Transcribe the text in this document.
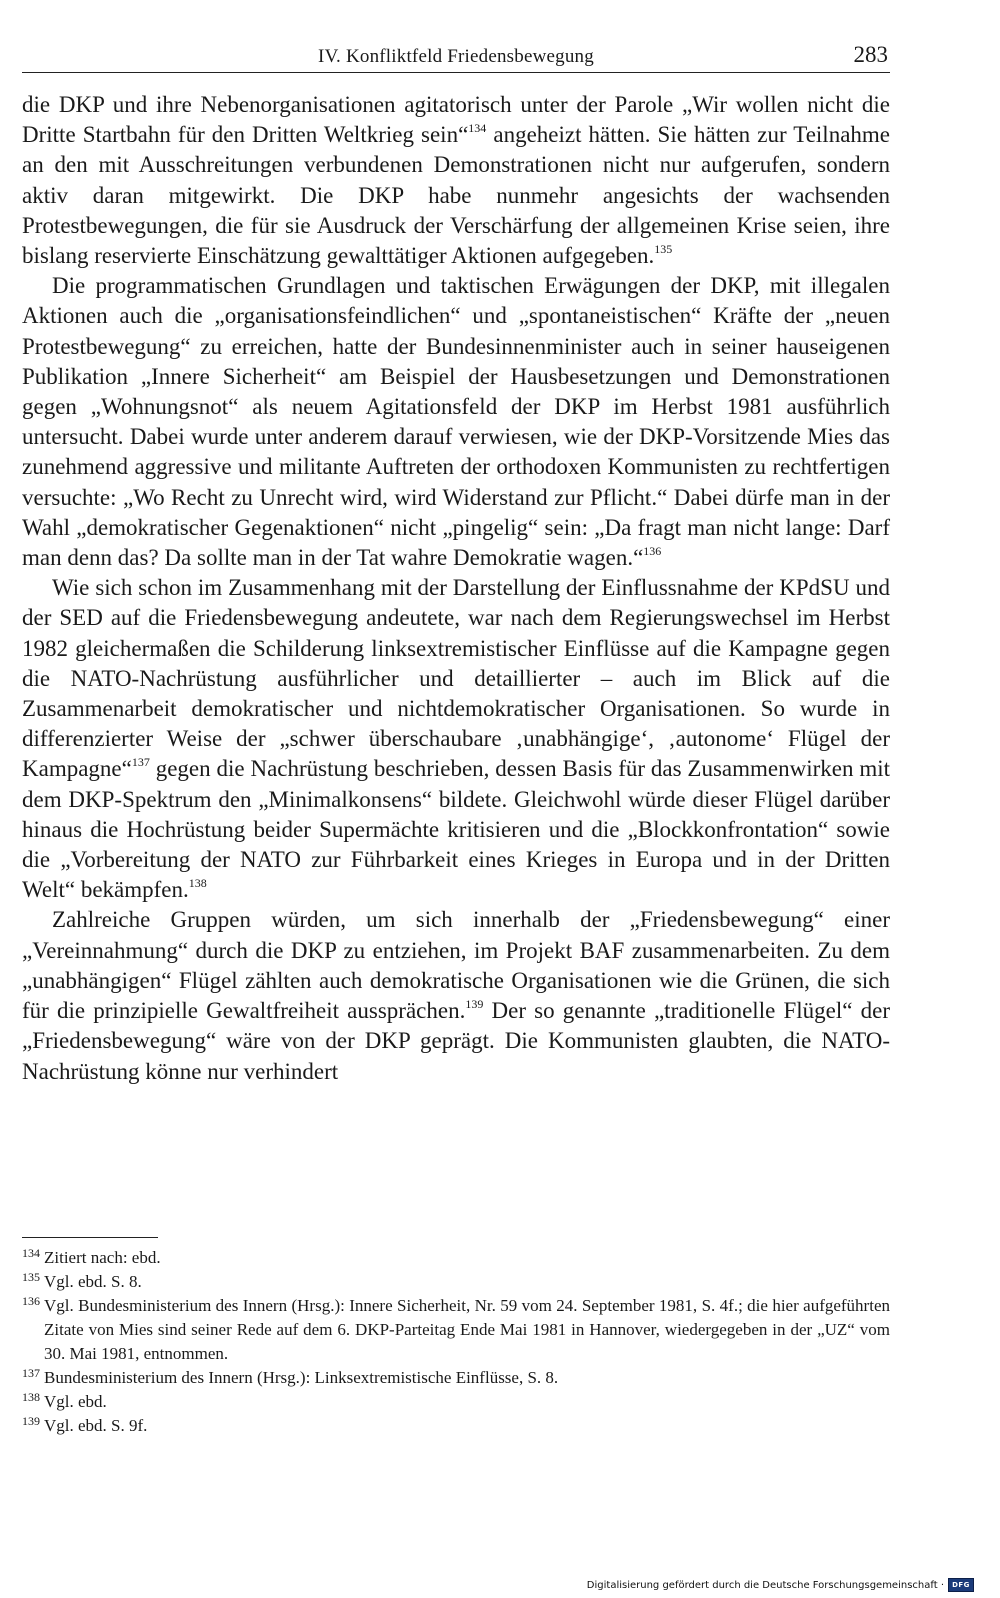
IV. Konfliktfeld Friedensbewegung	283

die DKP und ihre Nebenorganisationen agitatorisch unter der Parole „Wir wollen nicht die Dritte Startbahn für den Dritten Weltkrieg sein“$^{134}$ angeheizt hätten. Sie hätten zur Teilnahme an den mit Ausschreitungen verbundenen Demonstrationen nicht nur aufgerufen, sondern aktiv daran mitgewirkt. Die DKP habe nunmehr angesichts der wachsenden Protestbewegungen, die für sie Ausdruck der Verschärfung der allgemeinen Krise seien, ihre bislang reservierte Einschätzung gewalttätiger Aktionen aufgegeben.$^{135}$

Die programmatischen Grundlagen und taktischen Erwägungen der DKP, mit illegalen Aktionen auch die „organisationsfeindlichen“ und „spontaneistischen“ Kräfte der „neuen Protestbewegung“ zu erreichen, hatte der Bundesinnenminister auch in seiner hauseigenen Publikation „Innere Sicherheit“ am Beispiel der Hausbesetzungen und Demonstrationen gegen „Wohnungsnot“ als neuem Agitationsfeld der DKP im Herbst 1981 ausführlich untersucht. Dabei wurde unter anderem darauf verwiesen, wie der DKP-Vorsitzende Mies das zunehmend aggressive und militante Auftreten der orthodoxen Kommunisten zu rechtfertigen versuchte: „Wo Recht zu Unrecht wird, wird Widerstand zur Pflicht.“ Dabei dürfe man in der Wahl „demokratischer Gegenaktionen“ nicht „pingelig“ sein: „Da fragt man nicht lange: Darf man denn das? Da sollte man in der Tat wahre Demokratie wagen.“$^{136}$

Wie sich schon im Zusammenhang mit der Darstellung der Einflussnahme der KPdSU und der SED auf die Friedensbewegung andeutete, war nach dem Regierungswechsel im Herbst 1982 gleichermaßen die Schilderung linksextremistischer Einflüsse auf die Kampagne gegen die NATO-Nachrüstung ausführlicher und detaillierter – auch im Blick auf die Zusammenarbeit demokratischer und nichtdemokratischer Organisationen. So wurde in differenzierter Weise der „schwer überschaubare ‚unabhängige‘, ‚autonome‘ Flügel der Kampagne“$^{137}$ gegen die Nachrüstung beschrieben, dessen Basis für das Zusammenwirken mit dem DKP-Spektrum den „Minimalkonsens“ bildete. Gleichwohl würde dieser Flügel darüber hinaus die Hochrüstung beider Supermächte kritisieren und die „Blockkonfrontation“ sowie die „Vorbereitung der NATO zur Führbarkeit eines Krieges in Europa und in der Dritten Welt“ bekämpfen.$^{138}$

Zahlreiche Gruppen würden, um sich innerhalb der „Friedensbewegung“ einer „Vereinnahmung“ durch die DKP zu entziehen, im Projekt BAF zusammenarbeiten. Zu dem „unabhängigen“ Flügel zählten auch demokratische Organisationen wie die Grünen, die sich für die prinzipielle Gewaltfreiheit aussprächen.$^{139}$ Der so genannte „traditionelle Flügel“ der „Friedensbewegung“ wäre von der DKP geprägt. Die Kommunisten glaubten, die NATO-Nachrüstung könne nur verhindert

134 Zitiert nach: ebd.
135 Vgl. ebd. S. 8.
136 Vgl. Bundesministerium des Innern (Hrsg.): Innere Sicherheit, Nr. 59 vom 24. September 1981, S. 4f.; die hier aufgeführten Zitate von Mies sind seiner Rede auf dem 6. DKP-Parteitag Ende Mai 1981 in Hannover, wiedergegeben in der „UZ“ vom 30. Mai 1981, entnommen.
137 Bundesministerium des Innern (Hrsg.): Linksextremistische Einflüsse, S. 8.
138 Vgl. ebd.
139 Vgl. ebd. S. 9f.
Digitalisierung gefördert durch die Deutsche Forschungsgemeinschaft ·	DFG
